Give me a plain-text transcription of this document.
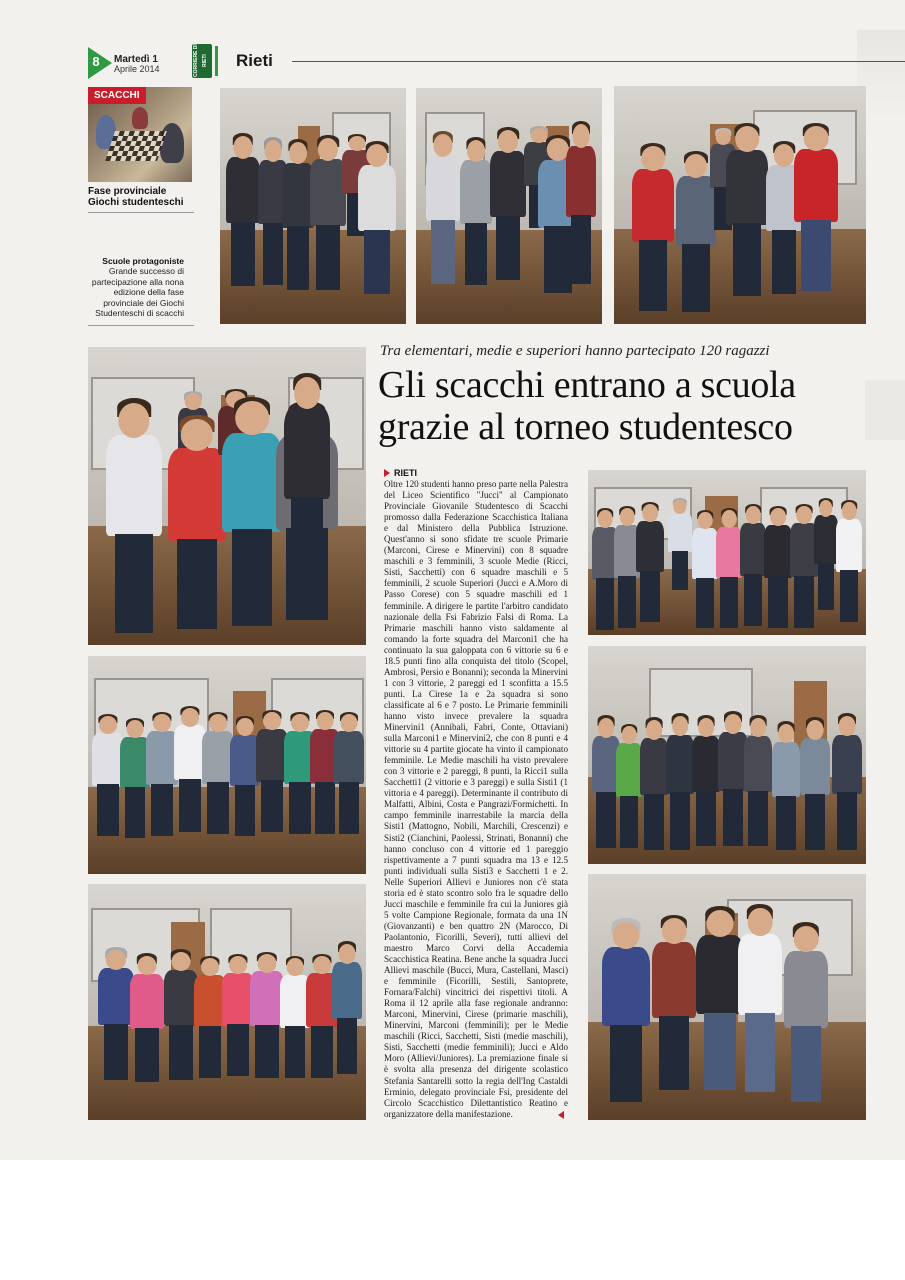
8	Martedì 1
Aprile 2014	CORRIERE DI RIETI Rieti
SCACCHI
Fase provinciale Giochi studenteschi
Scuole protagoniste
Grande successo di partecipazione alla nona edizione della fase provinciale dei Giochi Studenteschi di scacchi
Tra elementari, medie e superiori hanno partecipato 120 ragazzi
Gli scacchi entrano a scuola
grazie al torneo studentesco
RIETI
Oltre 120 studenti hanno preso parte nella Palestra del Liceo Scientifico "Jucci" al Campionato Provinciale Giovanile Studentesco di Scacchi promosso dalla Federazione Scacchistica Italiana e dal Ministero della Pubblica Istruzione. Quest'anno si sono sfidate tre scuole Primarie (Marconi, Cirese e Minervini) con 8 squadre maschili e 3 femminili, 3 scuole Medie (Ricci, Sisti, Sacchetti) con 6 squadre maschili e 5 femminili, 2 scuole Superiori (Jucci e A.Moro di Passo Corese) con 5 squadre maschili ed 1 femminile. A dirigere le partite l'arbitro candidato nazionale della Fsi Fabrizio Falsi di Roma. La Primarie maschili hanno visto saldamente al comando la forte squadra del Marconi1 che ha continuato la sua galoppata con 6 vittorie su 6 e 18.5 punti fino alla conquista del titolo (Scopel, Ambrosi, Persio e Bonanni); seconda la Minervini 1 con 3 vittorie, 2 pareggi ed 1 sconfitta a 15.5 punti. La Cirese 1a e 2a squadra si sono classificate al 6 e 7 posto. Le Primarie femminili hanno visto invece prevalere la squadra Minervini1 (Annibali, Fabri, Conte, Ottaviani) sulla Marconi1 e Minervini2, che con 8 punti e 4 vittorie su 4 partite giocate ha vinto il campionato femminile. Le Medie maschili ha visto prevalere con 3 vittorie e 2 pareggi, 8 punti, la Ricci1 sulla Sacchetti1 (2 vittorie e 3 pareggi) e sulla Sisti1 (1 vittoria e 4 pareggi). Determinante il contributo di Malfatti, Albini, Costa e Pangrazi/Formichetti. In campo femminile inarrestabile la marcia della Sisti1 (Mattogno, Nobili, Marchili, Crescenzi) e Sisti2 (Cianchini, Paolessi, Strinati, Bonanni) che hanno concluso con 4 vittorie ed 1 pareggio rispettivamente a 7 punti squadra ma 13 e 12.5 punti individuali sulla Sisti3 e Sacchetti 1 e 2. Nelle Superiori Allievi e Juniores non c'è stata storia ed è stato scontro solo fra le squadre dello Jucci maschile e femminile fra cui la Juniores già 5 volte Campione Regionale, formata da una 1N (Giovanzanti) e ben quattro 2N (Marocco, Di Paolantonio, Ficorilli, Severi), tutti allievi del maestro Marco Corvi della Accademia Scacchistica Reatina. Bene anche la squadra Jucci Allievi maschile (Bucci, Mura, Castellani, Masci) e femminile (Ficorilli, Sestili, Santoprete, Fornara/Falchi) vincitrici dei rispettivi titoli. A Roma il 12 aprile alla fase regionale andranno: Marconi, Minervini, Cirese (primarie maschili), Minervini, Marconi (femminili); per le Medie maschili (Ricci, Sacchetti, Sisti (medie maschili), Sisti, Sacchetti (medie femminili); Jucci e Aldo Moro (Allievi/Juniores). La premiazione finale si è svolta alla presenza del dirigente scolastico Stefania Santarelli sotto la regia dell'Ing Castaldi Erminio, delegato provinciale Fsi, presidente del Circolo Scacchistico Dilettantistico Reatino e organizzatore della manifestazione.
